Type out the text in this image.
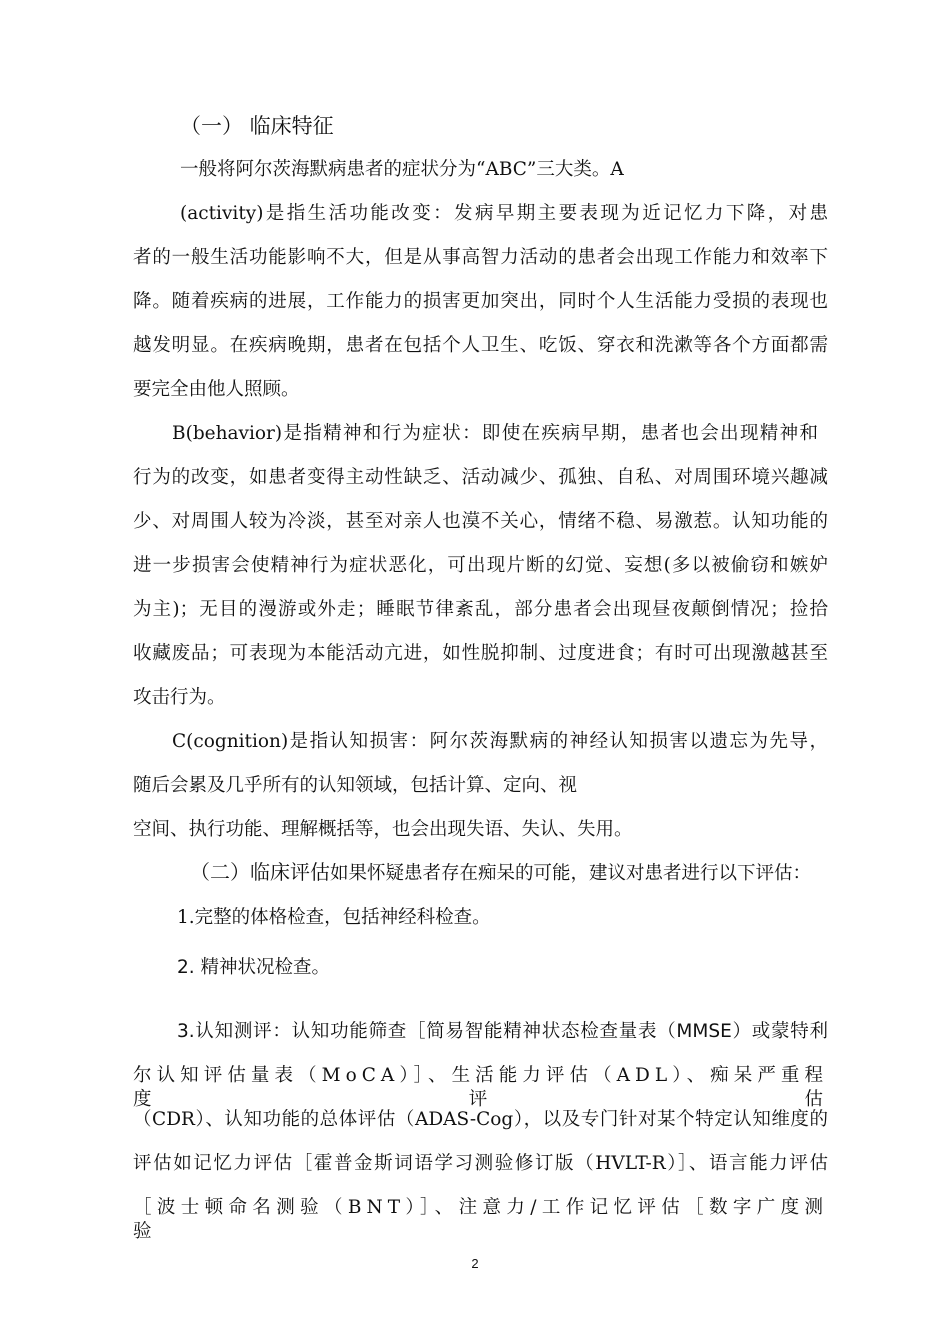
（一） 临床特征
一般将阿尔茨海默病患者的症状分为“ABC”三大类。A
(activity)是指生活功能改变：发病早期主要表现为近记忆力下降，对患
者的一般生活功能影响不大，但是从事高智力活动的患者会出现工作能力和效率下
降。随着疾病的进展，工作能力的损害更加突出，同时个人生活能力受损的表现也
越发明显。在疾病晚期，患者在包括个人卫生、吃饭、穿衣和洗漱等各个方面都需
要完全由他人照顾。
B(behavior)是指精神和行为症状：即使在疾病早期，患者也会出现精神和
行为的改变，如患者变得主动性缺乏、活动减少、孤独、自私、对周围环境兴趣减
少、对周围人较为冷淡，甚至对亲人也漠不关心，情绪不稳、易激惹。认知功能的
进一步损害会使精神行为症状恶化，可出现片断的幻觉、妄想(多以被偷窃和嫉妒
为主)；无目的漫游或外走；睡眠节律紊乱，部分患者会出现昼夜颠倒情况；捡拾
收藏废品；可表现为本能活动亢进，如性脱抑制、过度进食；有时可出现激越甚至
攻击行为。
C(cognition)是指认知损害：阿尔茨海默病的神经认知损害以遗忘为先导，
随后会累及几乎所有的认知领域，包括计算、定向、视
空间、执行功能、理解概括等，也会出现失语、失认、失用。
（二）临床评估如果怀疑患者存在痴呆的可能，建议对患者进行以下评估：
1.完整的体格检查，包括神经科检查。
2. 精神状况检查。
3.认知测评：认知功能筛查［简易智能精神状态检查量表（MMSE）或蒙特利
尔认知评估量表（MoCA）］、生活能力评估（ADL）、痴呆严重程度评估
（CDR）、认知功能的总体评估（ADAS-Cog），以及专门针对某个特定认知维度的
评估如记忆力评估［霍普金斯词语学习测验修订版（HVLT-R）］、语言能力评估
［波士顿命名测验（BNT）］、注意力/工作记忆评估［数字广度测验
2
